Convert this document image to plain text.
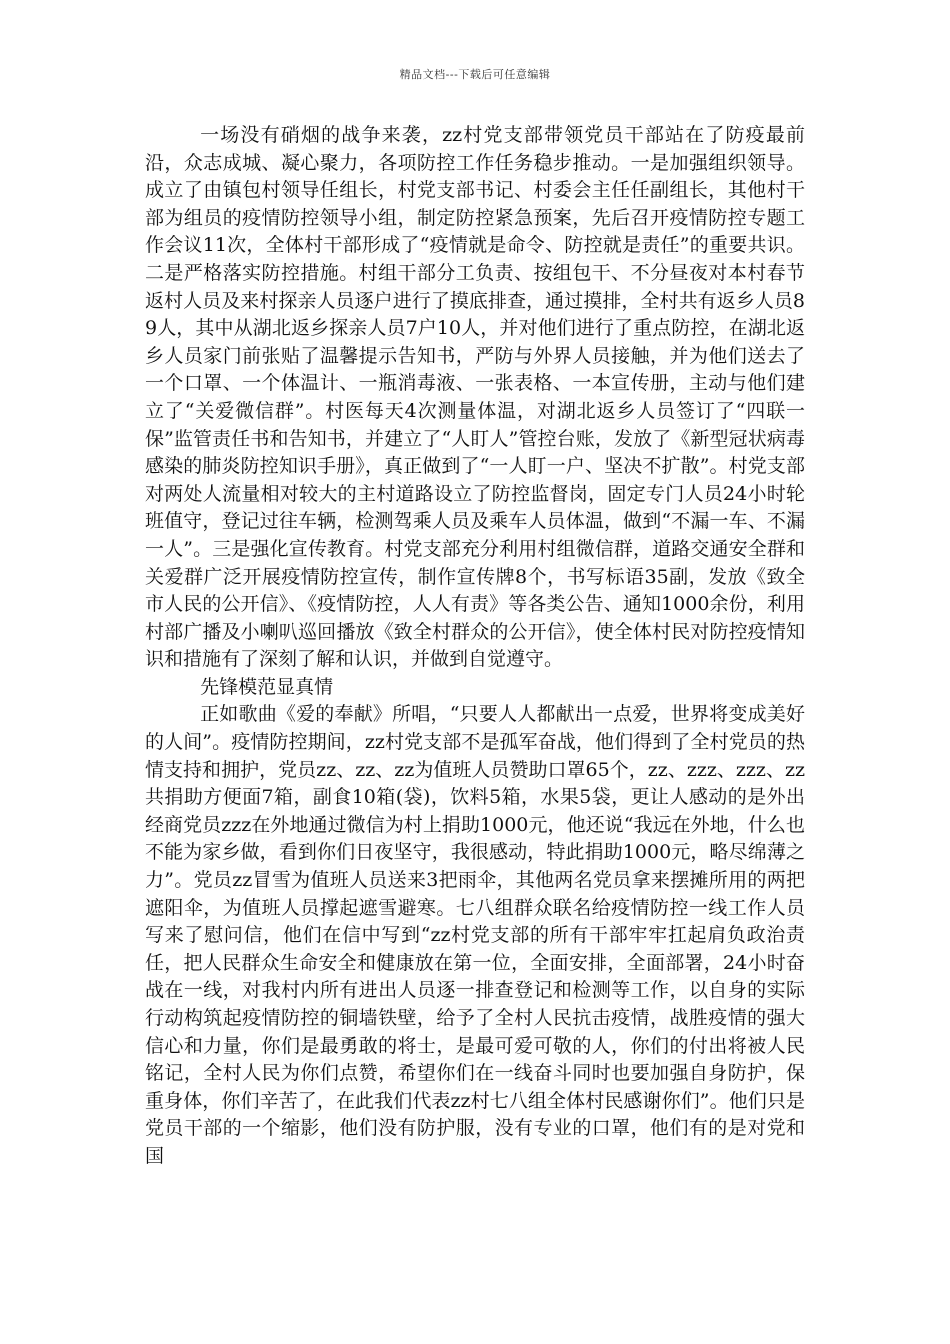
精品文档---下载后可任意编辑

一场没有硝烟的战争来袭，zz村党支部带领党员干部站在了防疫最前沿，众志成城、凝心聚力，各项防控工作任务稳步推动。一是加强组织领导。成立了由镇包村领导任组长，村党支部书记、村委会主任任副组长，其他村干部为组员的疫情防控领导小组，制定防控紧急预案，先后召开疫情防控专题工作会议11次，全体村干部形成了“疫情就是命令、防控就是责任”的重要共识。二是严格落实防控措施。村组干部分工负责、按组包干、不分昼夜对本村春节返村人员及来村探亲人员逐户进行了摸底排查，通过摸排，全村共有返乡人员89人，其中从湖北返乡探亲人员7户10人，并对他们进行了重点防控，在湖北返乡人员家门前张贴了温馨提示告知书，严防与外界人员接触，并为他们送去了一个口罩、一个体温计、一瓶消毒液、一张表格、一本宣传册，主动与他们建立了“关爱微信群”。村医每天4次测量体温，对湖北返乡人员签订了“四联一保”监管责任书和告知书，并建立了“人盯人”管控台账，发放了《新型冠状病毒感染的肺炎防控知识手册》，真正做到了“一人盯一户、坚决不扩散”。村党支部对两处人流量相对较大的主村道路设立了防控监督岗，固定专门人员24小时轮班值守，登记过往车辆，检测驾乘人员及乘车人员体温，做到“不漏一车、不漏一人”。三是强化宣传教育。村党支部充分利用村组微信群，道路交通安全群和关爱群广泛开展疫情防控宣传，制作宣传牌8个，书写标语35副，发放《致全市人民的公开信》、《疫情防控，人人有责》等各类公告、通知1000余份，利用村部广播及小喇叭巡回播放《致全村群众的公开信》，使全体村民对防控疫情知识和措施有了深刻了解和认识，并做到自觉遵守。

先锋模范显真情

正如歌曲《爱的奉献》所唱，“只要人人都献出一点爱，世界将变成美好的人间”。疫情防控期间，zz村党支部不是孤军奋战，他们得到了全村党员的热情支持和拥护，党员zz、zz、zz为值班人员赞助口罩65个，zz、zzz、zzz、zz共捐助方便面7箱，副食10箱(袋)，饮料5箱，水果5袋，更让人感动的是外出经商党员zzz在外地通过微信为村上捐助1000元，他还说“我远在外地，什么也不能为家乡做，看到你们日夜坚守，我很感动，特此捐助1000元，略尽绵薄之力”。党员zz冒雪为值班人员送来3把雨伞，其他两名党员拿来摆摊所用的两把遮阳伞，为值班人员撑起遮雪避寒。七八组群众联名给疫情防控一线工作人员写来了慰问信，他们在信中写到“zz村党支部的所有干部牢牢扛起肩负政治责任，把人民群众生命安全和健康放在第一位，全面安排，全面部署，24小时奋战在一线，对我村内所有进出人员逐一排查登记和检测等工作，以自身的实际行动构筑起疫情防控的铜墙铁壁，给予了全村人民抗击疫情，战胜疫情的强大信心和力量，你们是最勇敢的将士，是最可爱可敬的人，你们的付出将被人民铭记，全村人民为你们点赞，希望你们在一线奋斗同时也要加强自身防护，保重身体，你们辛苦了，在此我们代表zz村七八组全体村民感谢你们”。他们只是党员干部的一个缩影，他们没有防护服，没有专业的口罩，他们有的是对党和国
